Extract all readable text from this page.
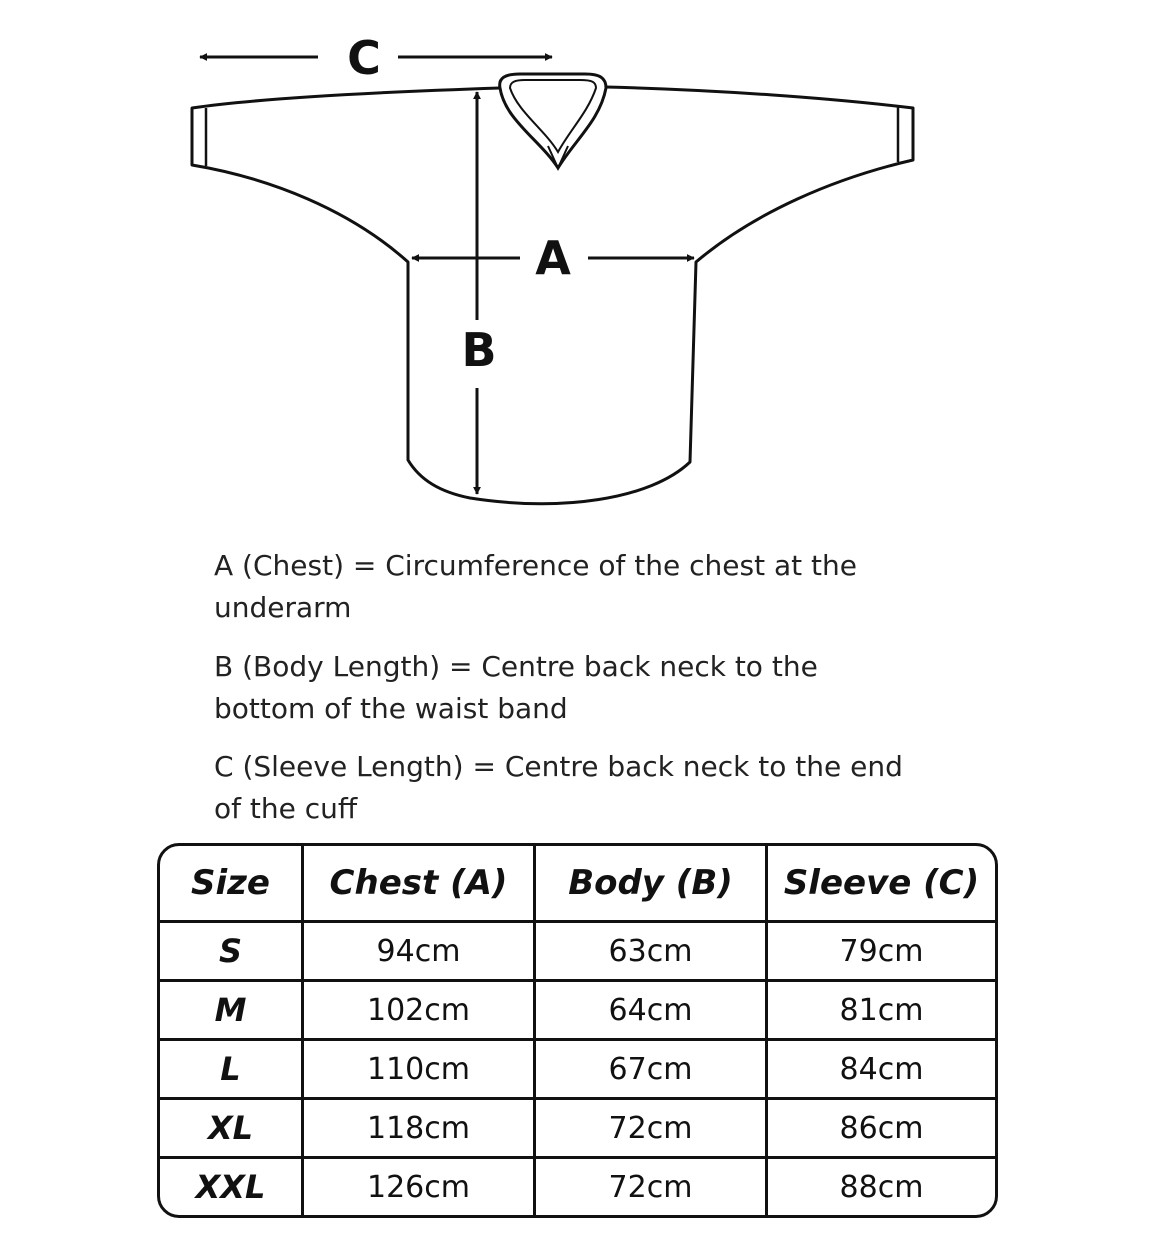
C
A
B
A (Chest) = Circumference of the chest at the underarm
B (Body Length) = Centre back neck to the bottom of the waist band
C (Sleeve Length) = Centre back neck to the end of the cuff
Size	Chest (A)	Body (B)	Sleeve (C)
S	94cm	63cm	79cm
M	102cm	64cm	81cm
L	110cm	67cm	84cm
XL	118cm	72cm	86cm
XXL	126cm	72cm	88cm
